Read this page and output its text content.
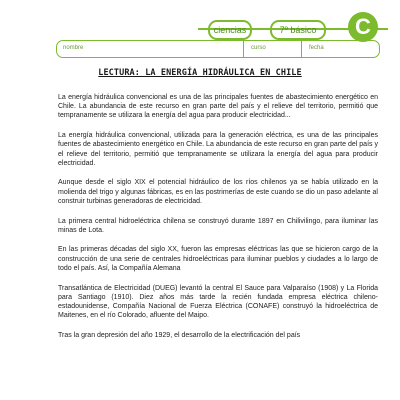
ciencias	7º básico	C
nombre	curso	fecha
LECTURA: LA ENERGÍA HIDRÁULICA EN CHILE

La energía hidráulica convencional es una de las principales fuentes de abastecimiento energético en Chile. La abundancia de este recurso en gran parte del país y el relieve del territorio, permitió que tempranamente se utilizara la energía del agua para producir electricidad...

La energía hidráulica convencional, utilizada para la generación eléctrica, es una de las principales fuentes de abastecimiento energético en Chile. La abundancia de este recurso en gran parte del país y el relieve del territorio, permitió que tempranamente se utilizara la energía del agua para producir electricidad.

Aunque desde el siglo XIX el potencial hidráulico de los ríos chilenos ya se había utilizado en la molienda del trigo y algunas fábricas, es en las postrimerías de este cuando se dio un paso adelante al construir turbinas generadoras de electricidad.

La primera central hidroeléctrica chilena se construyó durante 1897 en Chilivilingo, para iluminar las minas de Lota.

En las primeras décadas del siglo XX, fueron las empresas eléctricas las que se hicieron cargo de la construcción de una serie de centrales hidroeléctricas para iluminar pueblos y ciudades a lo largo de todo el país. Así, la Compañía Alemana

Transatlántica de Electricidad (DUEG) levantó la central El Sauce para Valparaíso (1908) y La Florida para Santiago (1910). Diez años más tarde la recién fundada empresa eléctrica chileno-estadounidense, Compañía Nacional de Fuerza Eléctrica (CONAFE) construyó la hidroeléctrica de Maitenes, en el río Colorado, afluente del Maipo.

Tras la gran depresión del año 1929, el desarrollo de la electrificación del país
